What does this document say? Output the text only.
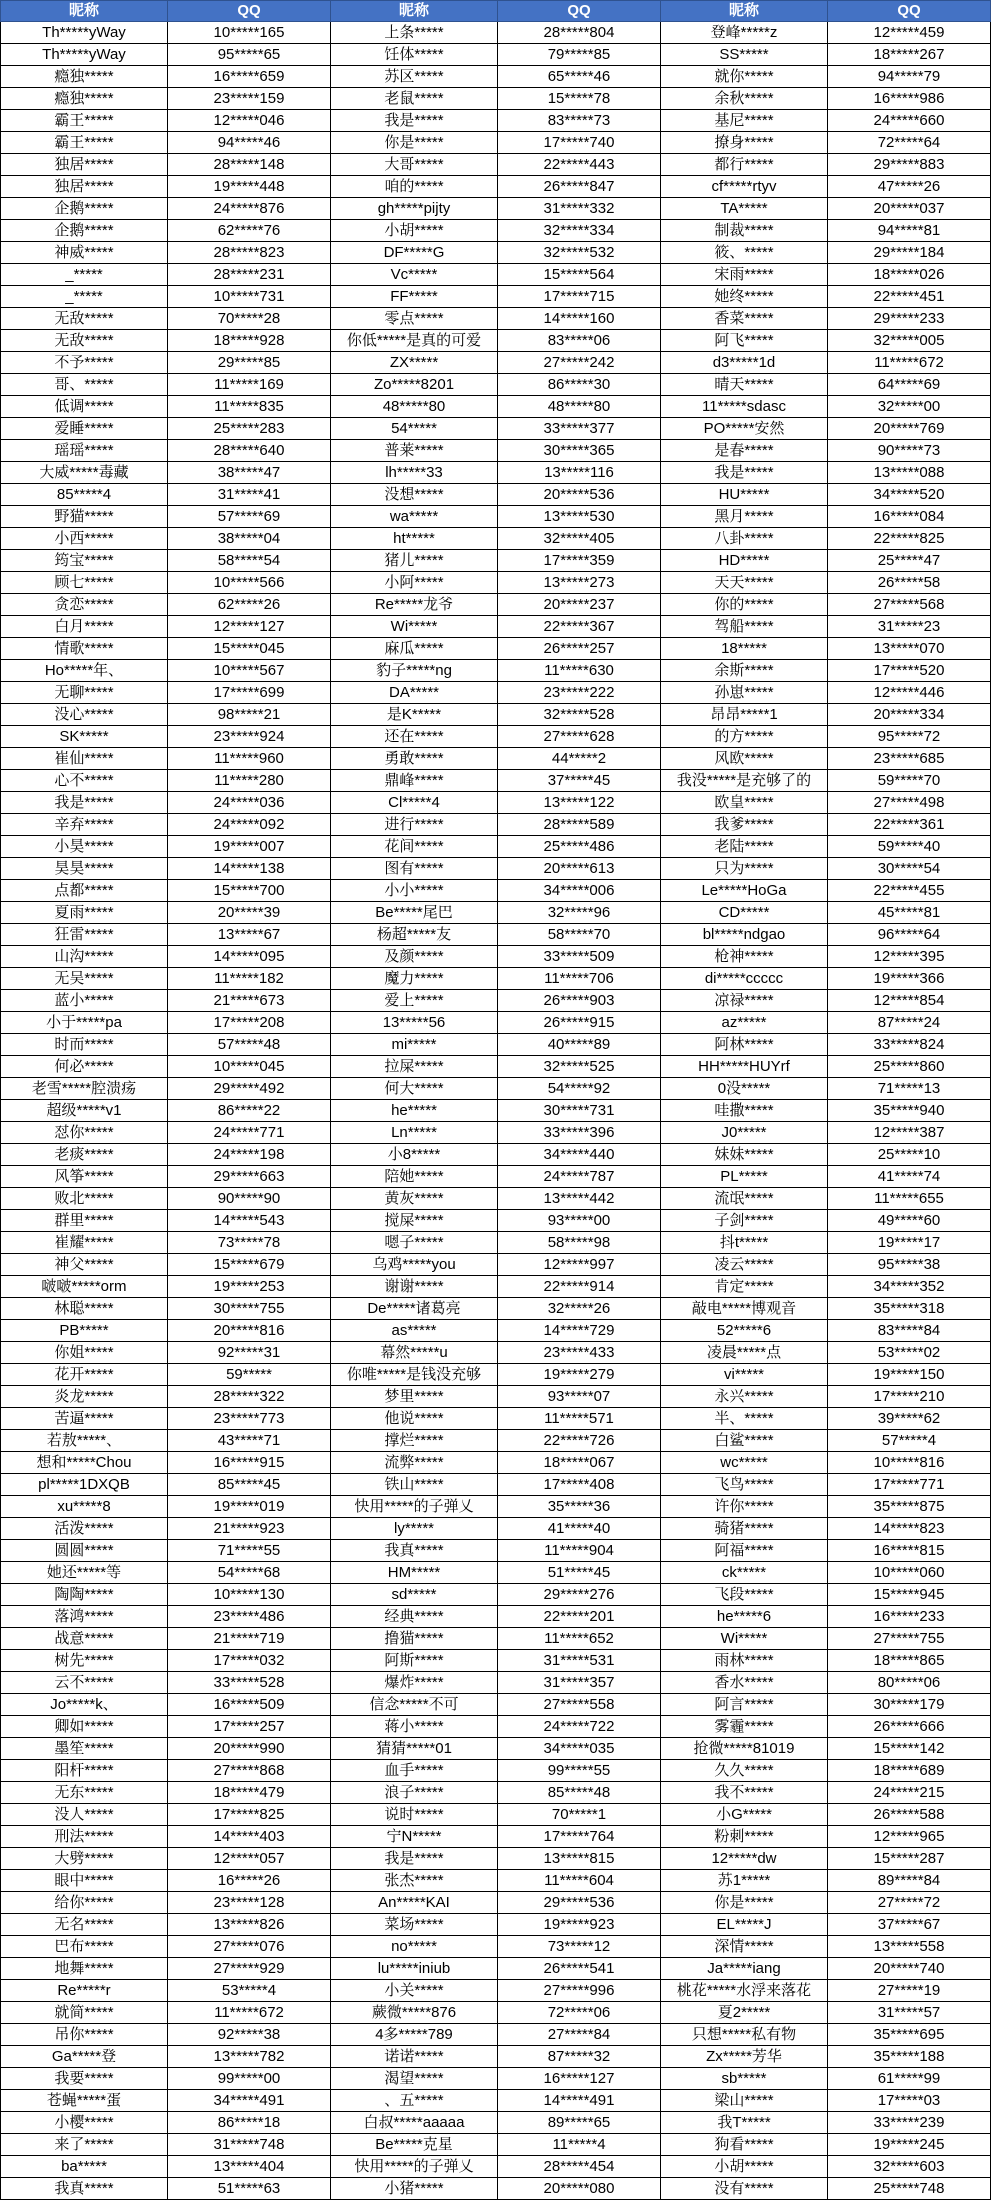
昵称	QQ	昵称	QQ	昵称	QQ
Th*****yWay	10*****165	上条*****	28*****804	登峰*****z	12*****459
Th*****yWay	95*****65	饪体*****	79*****85	SS*****	18*****267
瘾独*****	16*****659	苏区*****	65*****46	就你*****	94*****79
瘾独*****	23*****159	老鼠*****	15*****78	余秋*****	16*****986
霸王*****	12*****046	我是*****	83*****73	基尼*****	24*****660
霸王*****	94*****46	你是*****	17*****740	撩身*****	72*****64
独居*****	28*****148	大哥*****	22*****443	都行*****	29*****883
独居*****	19*****448	咱的*****	26*****847	cf*****rtyv	47*****26
企鹅*****	24*****876	gh*****pijty	31*****332	TA*****	20*****037
企鹅*****	62*****76	小胡*****	32*****334	制裁*****	94*****81
神威*****	28*****823	DF*****G	32*****532	筱、*****	29*****184
_*****	28*****231	Vc*****	15*****564	宋雨*****	18*****026
_*****	10*****731	FF*****	17*****715	她终*****	22*****451
无敌*****	70*****28	零点*****	14*****160	香菜*****	29*****233
无敌*****	18*****928	你低*****是真的可爱	83*****06	阿飞*****	32*****005
不予*****	29*****85	ZX*****	27*****242	d3*****1d	11*****672
哥、*****	11*****169	Zo*****8201	86*****30	晴天*****	64*****69
低调*****	11*****835	48*****80	48*****80	11*****sdasc	32*****00
爱睡*****	25*****283	54*****	33*****377	PO*****安然	20*****769
瑶瑶*****	28*****640	普莱*****	30*****365	是春*****	90*****73
大威*****毒藏	38*****47	lh*****33	13*****116	我是*****	13*****088
85*****4	31*****41	没想*****	20*****536	HU*****	34*****520
野猫*****	57*****69	wa*****	13*****530	黑月*****	16*****084
小西*****	38*****04	ht*****	32*****405	八卦*****	22*****825
筠宝*****	58*****54	猪儿*****	17*****359	HD*****	25*****47
顾七*****	10*****566	小阿*****	13*****273	天天*****	26*****58
贪恋*****	62*****26	Re*****龙爷	20*****237	你的*****	27*****568
白月*****	12*****127	Wi*****	22*****367	驾船*****	31*****23
情歌*****	15*****045	麻瓜*****	26*****257	18*****	13*****070
Ho*****年、	10*****567	豹子*****ng	11*****630	余斯*****	17*****520
无聊*****	17*****699	DA*****	23*****222	孙崽*****	12*****446
没心*****	98*****21	是K*****	32*****528	昂昂*****1	20*****334
SK*****	23*****924	还在*****	27*****628	的方*****	95*****72
崔仙*****	11*****960	勇敢*****	44*****2	风欧*****	23*****685
心不*****	11*****280	鼎峰*****	37*****45	我没*****是充够了的	59*****70
我是*****	24*****036	Cl*****4	13*****122	欧皇*****	27*****498
辛弃*****	24*****092	进行*****	28*****589	我爹*****	22*****361
小昊*****	19*****007	花间*****	25*****486	老陆*****	59*****40
昊昊*****	14*****138	图有*****	20*****613	只为*****	30*****54
点都*****	15*****700	小小*****	34*****006	Le*****HoGa	22*****455
夏雨*****	20*****39	Be*****尾巴	32*****96	CD*****	45*****81
狂雷*****	13*****67	杨超*****友	58*****70	bl*****ndgao	96*****64
山沟*****	14*****095	及颜*****	33*****509	枪神*****	12*****395
无吴*****	11*****182	魔力*****	11*****706	di*****ccccc	19*****366
蓝小*****	21*****673	爱上*****	26*****903	凉禄*****	12*****854
小于*****pa	17*****208	13*****56	26*****915	az*****	87*****24
时而*****	57*****48	mi*****	40*****89	阿林*****	33*****824
何必*****	10*****045	拉屎*****	32*****525	HH*****HUYrf	25*****860
老雪*****腔溃疡	29*****492	何大*****	54*****92	0没*****	71*****13
超级*****v1	86*****22	he*****	30*****731	哇撒*****	35*****940
怼你*****	24*****771	Ln*****	33*****396	J0*****	12*****387
老痰*****	24*****198	小8*****	34*****440	妹妹*****	25*****10
风筝*****	29*****663	陪她*****	24*****787	PL*****	41*****74
败北*****	90*****90	黄灰*****	13*****442	流氓*****	11*****655
群里*****	14*****543	搅屎*****	93*****00	子剑*****	49*****60
崔耀*****	73*****78	嗯子*****	58*****98	抖t*****	19*****17
神父*****	15*****679	乌鸡*****you	12*****997	凌云*****	95*****38
啵啵*****orm	19*****253	谢谢*****	22*****914	肯定*****	34*****352
林聪*****	30*****755	De*****诸葛亮	32*****26	敲电*****博观音	35*****318
PB*****	20*****816	as*****	14*****729	52*****6	83*****84
你姐*****	92*****31	幕然*****u	23*****433	凌晨*****点	53*****02
花开*****	59*****	你唯*****是钱没充够	19*****279	vi*****	19*****150
炎龙*****	28*****322	梦里*****	93*****07	永兴*****	17*****210
苦逼*****	23*****773	他说*****	11*****571	半、*****	39*****62
若敖*****、	43*****71	撑烂*****	22*****726	白鲨*****	57*****4
想和*****Chou	16*****915	流弊*****	18*****067	wc*****	10*****816
pl*****1DXQB	85*****45	铁山*****	17*****408	飞鸟*****	17*****771
xu*****8	19*****019	快用*****的子弹乂	35*****36	许你*****	35*****875
活泼*****	21*****923	ly*****	41*****40	骑猪*****	14*****823
圆圆*****	71*****55	我真*****	11*****904	阿福*****	16*****815
她还*****等	54*****68	HM*****	51*****45	ck*****	10*****060
陶陶*****	10*****130	sd*****	29*****276	飞段*****	15*****945
落鸿*****	23*****486	经典*****	22*****201	he*****6	16*****233
战意*****	21*****719	撸猫*****	11*****652	Wi*****	27*****755
树先*****	17*****032	阿斯*****	31*****531	雨林*****	18*****865
云不*****	33*****528	爆炸*****	31*****357	香水*****	80*****06
Jo*****k、	16*****509	信念*****不可	27*****558	阿言*****	30*****179
卿如*****	17*****257	蒋小*****	24*****722	雾霾*****	26*****666
墨笙*****	20*****990	猜猜*****01	34*****035	抢微*****81019	15*****142
阳杆*****	27*****868	血手*****	99*****55	久久*****	18*****689
无东*****	18*****479	浪子*****	85*****48	我不*****	24*****215
没人*****	17*****825	说时*****	70*****1	小G*****	26*****588
刑法*****	14*****403	宁N*****	17*****764	粉刺*****	12*****965
大劈*****	12*****057	我是*****	13*****815	12*****dw	15*****287
眼中*****	16*****26	张杰*****	11*****604	苏1*****	89*****84
给你*****	23*****128	An*****KAI	29*****536	你是*****	27*****72
无名*****	13*****826	菜场*****	19*****923	EL*****J	37*****67
巴布*****	27*****076	no*****	73*****12	深情*****	13*****558
地舞*****	27*****929	lu*****iniub	26*****541	Ja*****iang	20*****740
Re*****r	53*****4	小关*****	27*****996	桃花*****水浮来落花	27*****19
就简*****	11*****672	蕨微*****876	72*****06	夏2*****	31*****57
吊你*****	92*****38	4多*****789	27*****84	只想*****私有物	35*****695
Ga*****登	13*****782	诺诺*****	87*****32	Zx*****芳华	35*****188
我要*****	99*****00	渴望*****	16*****127	sb*****	61*****99
苍蝇*****蛋	34*****491	、五*****	14*****491	梁山*****	17*****03
小樱*****	86*****18	白叔*****aaaaa	89*****65	我T*****	33*****239
来了*****	31*****748	Be*****克星	11*****4	狗看*****	19*****245
ba*****	13*****404	快用*****的子弹乂	28*****454	小胡*****	32*****603
我真*****	51*****63	小猪*****	20*****080	没有*****	25*****748
